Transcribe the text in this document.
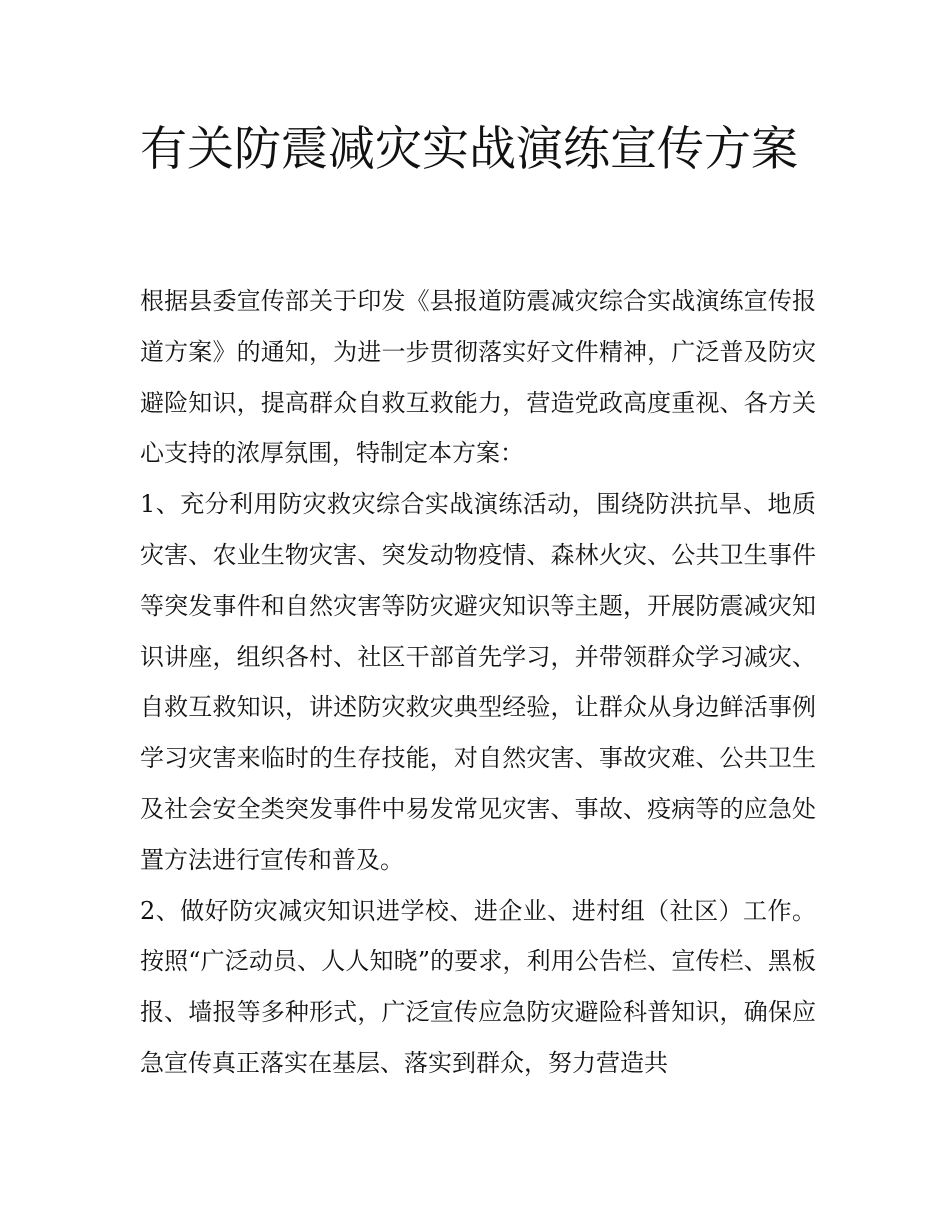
有关防震减灾实战演练宣传方案

根据县委宣传部关于印发《县报道防震减灾综合实战演练宣传报道方案》的通知，为进一步贯彻落实好文件精神，广泛普及防灾避险知识，提高群众自救互救能力，营造党政高度重视、各方关心支持的浓厚氛围，特制定本方案：

1、充分利用防灾救灾综合实战演练活动，围绕防洪抗旱、地质灾害、农业生物灾害、突发动物疫情、森林火灾、公共卫生事件等突发事件和自然灾害等防灾避灾知识等主题，开展防震减灾知识讲座，组织各村、社区干部首先学习，并带领群众学习减灾、自救互救知识，讲述防灾救灾典型经验，让群众从身边鲜活事例学习灾害来临时的生存技能，对自然灾害、事故灾难、公共卫生及社会安全类突发事件中易发常见灾害、事故、疫病等的应急处置方法进行宣传和普及。

2、做好防灾减灾知识进学校、进企业、进村组（社区）工作。按照“广泛动员、人人知晓”的要求，利用公告栏、宣传栏、黑板报、墙报等多种形式，广泛宣传应急防灾避险科普知识，确保应急宣传真正落实在基层、落实到群众，努力营造共
